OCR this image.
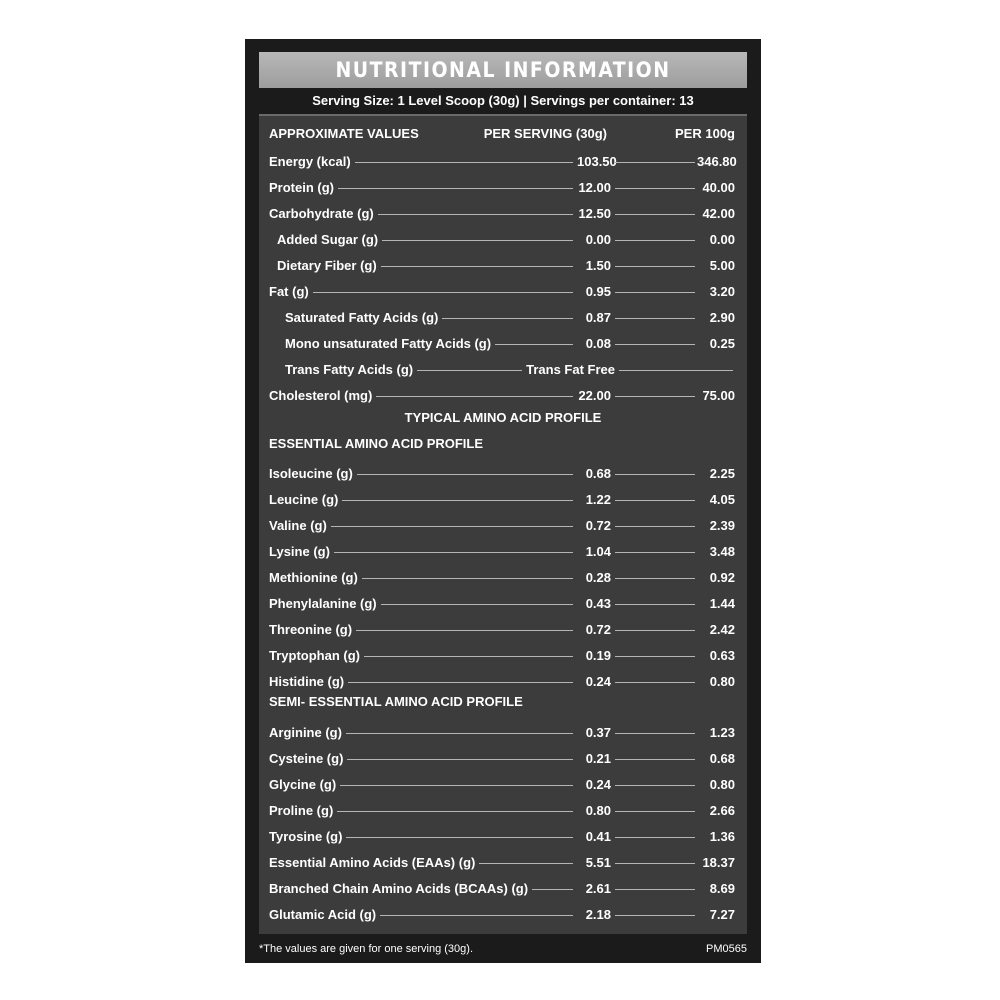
NUTRITIONAL INFORMATION
Serving Size: 1 Level Scoop (30g) | Servings per container: 13
APPROXIMATE VALUES	PER SERVING (30g)	PER 100g
Energy (kcal)	103.50	346.80
Protein (g)	12.00	40.00
Carbohydrate (g)	12.50	42.00
Added Sugar (g)	0.00	0.00
Dietary Fiber (g)	1.50	5.00
Fat (g)	0.95	3.20
Saturated Fatty Acids (g)	0.87	2.90
Mono unsaturated Fatty Acids (g)	0.08	0.25
Trans Fatty Acids (g)	Trans Fat Free
Cholesterol (mg)	22.00	75.00
TYPICAL AMINO ACID PROFILE
ESSENTIAL AMINO ACID PROFILE
Isoleucine (g)	0.68	2.25
Leucine (g)	1.22	4.05
Valine (g)	0.72	2.39
Lysine (g)	1.04	3.48
Methionine (g)	0.28	0.92
Phenylalanine (g)	0.43	1.44
Threonine (g)	0.72	2.42
Tryptophan (g)	0.19	0.63
Histidine (g)	0.24	0.80
SEMI- ESSENTIAL AMINO ACID PROFILE
Arginine (g)	0.37	1.23
Cysteine (g)	0.21	0.68
Glycine (g)	0.24	0.80
Proline (g)	0.80	2.66
Tyrosine (g)	0.41	1.36
Essential Amino Acids (EAAs) (g)	5.51	18.37
Branched Chain Amino Acids (BCAAs) (g)	2.61	8.69
Glutamic Acid (g)	2.18	7.27
*The values are given for one serving (30g).	PM0565
